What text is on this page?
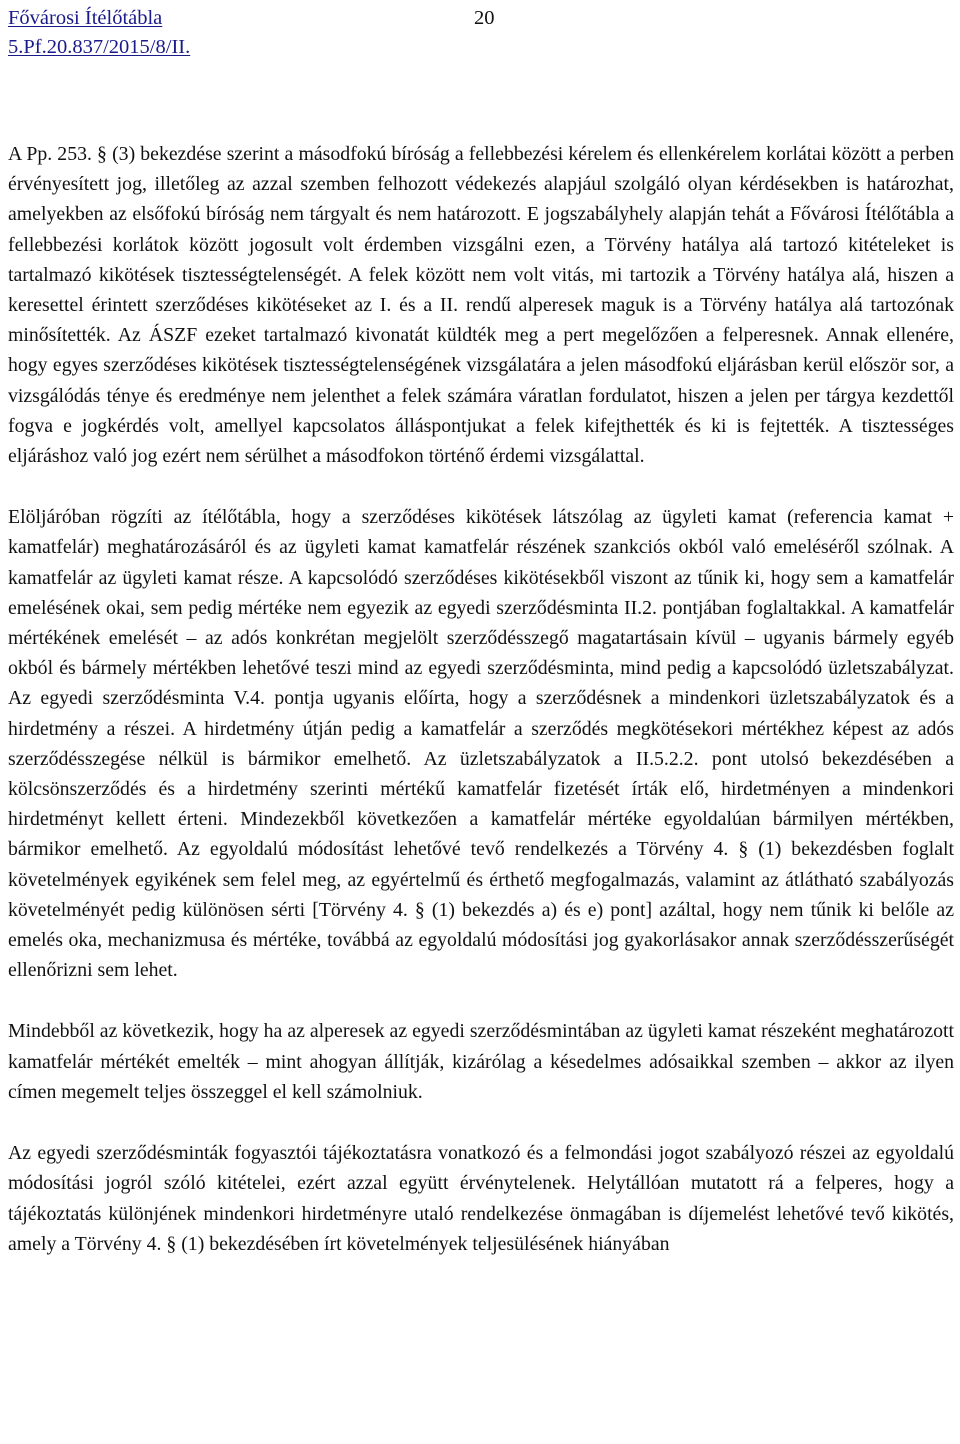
Fővárosi Ítélőtábla
5.Pf.20.837/2015/8/II.
20

A Pp. 253. § (3) bekezdése szerint a másodfokú bíróság a fellebbezési kérelem és ellenkérelem korlátai között a perben érvényesített jog, illetőleg az azzal szemben felhozott védekezés alapjául szolgáló olyan kérdésekben is határozhat, amelyekben az elsőfokú bíróság nem tárgyalt és nem határozott. E jogszabályhely alapján tehát a Fővárosi Ítélőtábla a fellebbezési korlátok között jogosult volt érdemben vizsgálni ezen, a Törvény hatálya alá tartozó kitételeket is tartalmazó kikötések tisztességtelenségét. A felek között nem volt vitás, mi tartozik a Törvény hatálya alá, hiszen a keresettel érintett szerződéses kikötéseket az I. és a II. rendű alperesek maguk is a Törvény hatálya alá tartozónak minősítették. Az ÁSZF ezeket tartalmazó kivonatát küldték meg a pert megelőzően a felperesnek. Annak ellenére, hogy egyes szerződéses kikötések tisztességtelenségének vizsgálatára a jelen másodfokú eljárásban kerül először sor, a vizsgálódás ténye és eredménye nem jelenthet a felek számára váratlan fordulatot, hiszen a jelen per tárgya kezdettől fogva e jogkérdés volt, amellyel kapcsolatos álláspontjukat a felek kifejthették és ki is fejtették. A tisztességes eljáráshoz való jog ezért nem sérülhet a másodfokon történő érdemi vizsgálattal.

Elöljáróban rögzíti az ítélőtábla, hogy a szerződéses kikötések látszólag az ügyleti kamat (referencia kamat + kamatfelár) meghatározásáról és az ügyleti kamat kamatfelár részének szankciós okból való emeléséről szólnak. A kamatfelár az ügyleti kamat része. A kapcsolódó szerződéses kikötésekből viszont az tűnik ki, hogy sem a kamatfelár emelésének okai, sem pedig mértéke nem egyezik az egyedi szerződésminta II.2. pontjában foglaltakkal. A kamatfelár mértékének emelését – az adós konkrétan megjelölt szerződésszegő magatartásain kívül – ugyanis bármely egyéb okból és bármely mértékben lehetővé teszi mind az egyedi szerződésminta, mind pedig a kapcsolódó üzletszabályzat. Az egyedi szerződésminta V.4. pontja ugyanis előírta, hogy a szerződésnek a mindenkori üzletszabályzatok és a hirdetmény a részei. A hirdetmény útján pedig a kamatfelár a szerződés megkötésekori mértékhez képest az adós szerződésszegése nélkül is bármikor emelhető. Az üzletszabályzatok a II.5.2.2. pont utolsó bekezdésében a kölcsönszerződés és a hirdetmény szerinti mértékű kamatfelár fizetését írták elő, hirdetményen a mindenkori hirdetményt kellett érteni. Mindezekből következően a kamatfelár mértéke egyoldalúan bármilyen mértékben, bármikor emelhető. Az egyoldalú módosítást lehetővé tevő rendelkezés a Törvény 4. § (1) bekezdésben foglalt követelmények egyikének sem felel meg, az egyértelmű és érthető megfogalmazás, valamint az átlátható szabályozás követelményét pedig különösen sérti [Törvény 4. § (1) bekezdés a) és e) pont] azáltal, hogy nem tűnik ki belőle az emelés oka, mechanizmusa és mértéke, továbbá az egyoldalú módosítási jog gyakorlásakor annak szerződésszerűségét ellenőrizni sem lehet.

Mindebből az következik, hogy ha az alperesek az egyedi szerződésmintában az ügyleti kamat részeként meghatározott kamatfelár mértékét emelték – mint ahogyan állítják, kizárólag a késedelmes adósaikkal szemben – akkor az ilyen címen megemelt teljes összeggel el kell számolniuk.

Az egyedi szerződésminták fogyasztói tájékoztatásra vonatkozó és a felmondási jogot szabályozó részei az egyoldalú módosítási jogról szóló kitételei, ezért azzal együtt érvénytelenek. Helytállóan mutatott rá a felperes, hogy a tájékoztatás különjének mindenkori hirdetményre utaló rendelkezése önmagában is díjemelést lehetővé tevő kikötés, amely a Törvény 4. § (1) bekezdésében írt követelmények teljesülésének hiányában
